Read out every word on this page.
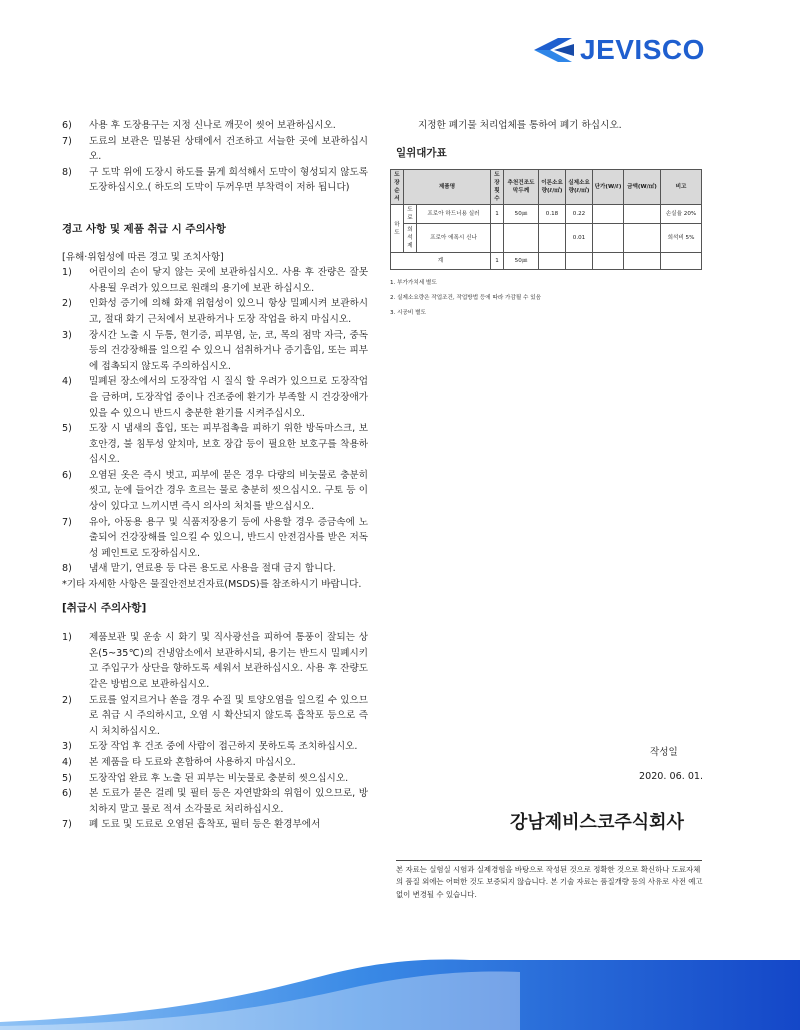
JEVISCO
6)	사용 후 도장용구는 지정 신나로 깨끗이 씻어 보관하십시오.
7)	도료의 보관은 밀봉된 상태에서 건조하고 서늘한 곳에 보관하십시오.
8)	구 도막 위에 도장시 하도를 묽게 희석해서 도막이 형성되지 않도록 도장하십시오.( 하도의 도막이 두꺼우면 부착력이 저하 됩니다)

경고 사항 및 제품 취급 시 주의사항

[유해·위험성에 따른 경고 및 조치사항]

1)	어린이의 손이 닿지 않는 곳에 보관하십시오. 사용 후 잔량은 잘못 사용될 우려가 있으므로 원래의 용기에 보관 하십시오.
2)	인화성 증기에 의해 화재 위험성이 있으니 항상 밀폐시켜 보관하시고, 절대 화기 근처에서 보관하거나 도장 작업을 하지 마십시오.
3)	장시간 노출 시 두통, 현기증, 피부염, 눈, 코, 목의 점막 자극, 중독 등의 건강장해를 일으킬 수 있으니 섭취하거나 증기흡입, 또는 피부에 접촉되지 않도록 주의하십시오.
4)	밀폐된 장소에서의 도장작업 시 질식 할 우려가 있으므로 도장작업을 금하며, 도장작업 중이나 건조중에 환기가 부족할 시 건강장애가 있을 수 있으니 반드시 충분한 환기를 시켜주십시오.
5)	도장 시 냄새의 흡입, 또는 피부접촉을 피하기 위한 방독마스크, 보호안경, 불 침투성 앞치마, 보호 장갑 등이 필요한 보호구를 착용하십시오.
6)	오염된 옷은 즉시 벗고, 피부에 묻은 경우 다량의 비눗물로 충분히 씻고, 눈에 들어간 경우 흐르는 물로 충분히 씻으십시오. 구토 등 이상이 있다고 느끼시면 즉시 의사의 처치를 받으십시오.
7)	유아, 아동용 용구 및 식품저장용기 등에 사용할 경우 증금속에 노출되어 건강장해를 일으킬 수 있으니, 반드시 안전검사를 받은 저독성 페인트로 도장하십시오.
8)	냄새 맡기, 연료용 등 다른 용도로 사용을 절대 금지 합니다.

*기타 자세한 사항은 물질안전보건자료(MSDS)를 참조하시기 바랍니다.

[취급시 주의사항]

1)	제품보관 및 운송 시 화기 및 직사광선을 피하여 통풍이 잘되는 상온(5~35℃)의 건냉암소에서 보관하시되, 용기는 반드시 밀폐시키고 주입구가 상단을 향하도록 세워서 보관하십시오. 사용 후 잔량도 같은 방법으로 보관하십시오.
2)	도료를 엎지르거나 쏟을 경우 수질 및 토양오염을 일으킬 수 있으므로 취급 시 주의하시고, 오염 시 확산되지 않도록 흡착포 등으로 즉시 처치하십시오.
3)	도장 작업 후 건조 중에 사람이 접근하지 못하도록 조치하십시오.
4)	본 제품을 타 도료와 혼합하여 사용하지 마십시오.
5)	도장작업 완료 후 노출 된 피부는 비눗물로 충분히 씻으십시오.
6)	본 도료가 묻은 걸레 및 필터 등은 자연발화의 위험이 있으므로, 방치하지 말고 물로 적셔 소각물로 처리하십시오.
7)	폐 도료 및 도료로 오염된 흡착포, 필터 등은 환경부에서

지정한 폐기물 처리업체를 통하여 폐기 하십시오.

일위대가표

도장순서	제품명		도장횟수	추천건조도막두께	이론소요량(ℓ/㎡)	실제소요량(ℓ/㎡)	단가(W/ℓ)	금액(W/㎡)	비고
하도	도료	프로아 하드너용 실러	1	50㎛	0.18	0.22			손실율 20%
	희석제	프로아 에폭시 신나				0.01			희석비 5%
계			1	50㎛					
1. 부가가치세 별도
2. 실제소요량은 작업조건, 작업방법 등에 따라 가감될 수 있음
3. 시공비 별도
작성일
2020. 06. 01.
강남제비스코주식회사
본 자료는 실험실 시험과 실제경험을 바탕으로 작성된 것으로 정확한 것으로 확신하나 도료자체의 품질 외에는 어떠한 것도 보증되지 않습니다. 본 기술 자료는 품질개량 등의 사유로 사전 예고 없이 변경될 수 있습니다.
